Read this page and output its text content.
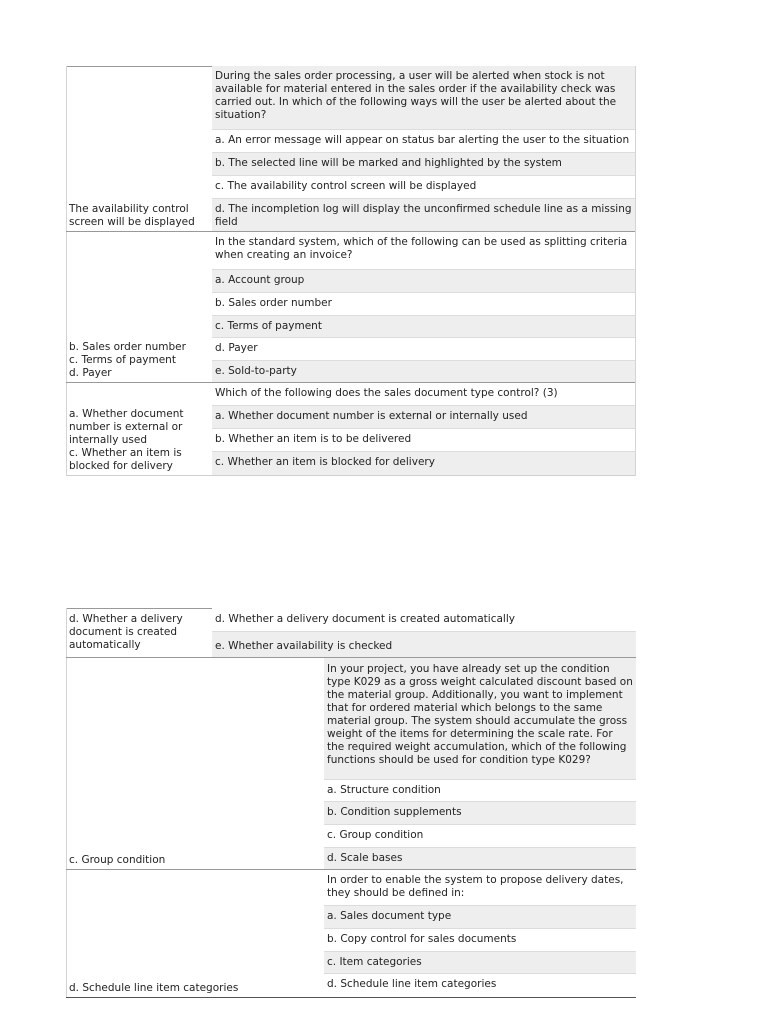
The availability control screen will be displayed
During the sales order processing, a user will be alerted when stock is not available for material entered in the sales order if the availability check was carried out. In which of the following ways will the user be alerted about the situation?
a. An error message will appear on status bar alerting the user to the situation
b. The selected line will be marked and highlighted by the system
c. The availability control screen will be displayed
d. The incompletion log will display the unconfirmed schedule line as a missing field
b. Sales order number
c. Terms of payment
d. Payer
In the standard system, which of the following can be used as splitting criteria when creating an invoice?
a. Account group
b. Sales order number
c. Terms of payment
d. Payer
e. Sold-to-party
a. Whether document number is external or internally used
c. Whether an item is blocked for delivery
Which of the following does the sales document type control? (3)
a. Whether document number is external or internally used
b. Whether an item is to be delivered
c. Whether an item is blocked for delivery
d. Whether a delivery document is created automatically
d. Whether a delivery document is created automatically
e. Whether availability is checked
c. Group condition
In your project, you have already set up the condition type K029 as a gross weight calculated discount based on the material group. Additionally, you want to implement that for ordered material which belongs to the same material group. The system should accumulate the gross weight of the items for determining the scale rate. For the required weight accumulation, which of the following functions should be used for condition type K029?
a. Structure condition
b. Condition supplements
c. Group condition
d. Scale bases
d. Schedule line item categories
In order to enable the system to propose delivery dates, they should be defined in:
a. Sales document type
b. Copy control for sales documents
c. Item categories
d. Schedule line item categories
